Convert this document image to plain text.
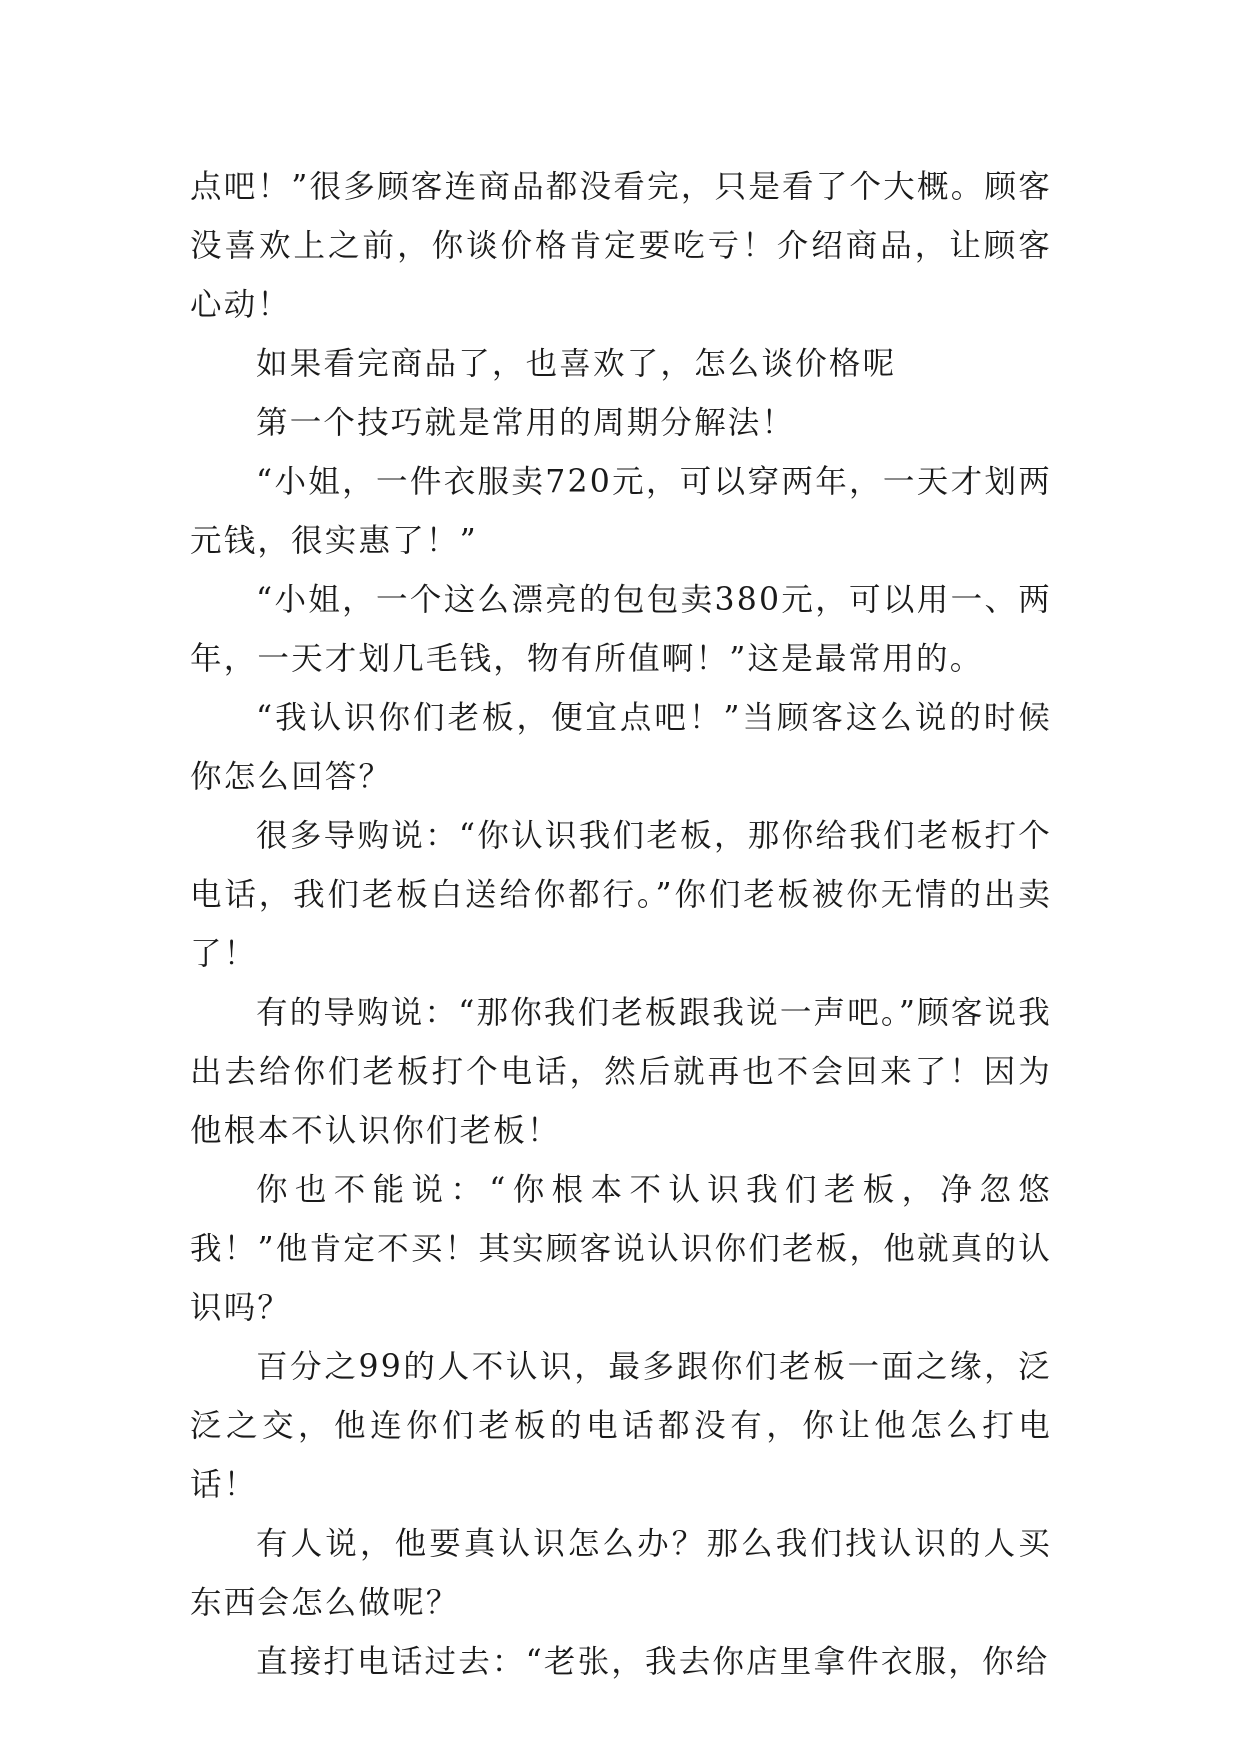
点吧！”很多顾客连商品都没看完，只是看了个大概。顾客没喜欢上之前，你谈价格肯定要吃亏！介绍商品，让顾客心动！

如果看完商品了，也喜欢了，怎么谈价格呢

第一个技巧就是常用的周期分解法！

“小姐，一件衣服卖720元，可以穿两年，一天才划两元钱，很实惠了！”

“小姐，一个这么漂亮的包包卖380元，可以用一、两年，一天才划几毛钱，物有所值啊！”这是最常用的。

“我认识你们老板，便宜点吧！”当顾客这么说的时候你怎么回答？

很多导购说：“你认识我们老板，那你给我们老板打个电话，我们老板白送给你都行。”你们老板被你无情的出卖了！

有的导购说：“那你我们老板跟我说一声吧。”顾客说我出去给你们老板打个电话，然后就再也不会回来了！因为他根本不认识你们老板！

你也不能说：“你根本不认识我们老板，净忽悠我！”他肯定不买！其实顾客说认识你们老板，他就真的认识吗？

百分之99的人不认识，最多跟你们老板一面之缘，泛泛之交，他连你们老板的电话都没有，你让他怎么打电话！

有人说，他要真认识怎么办？那么我们找认识的人买东西会怎么做呢？

直接打电话过去：“老张，我去你店里拿件衣服，你给
